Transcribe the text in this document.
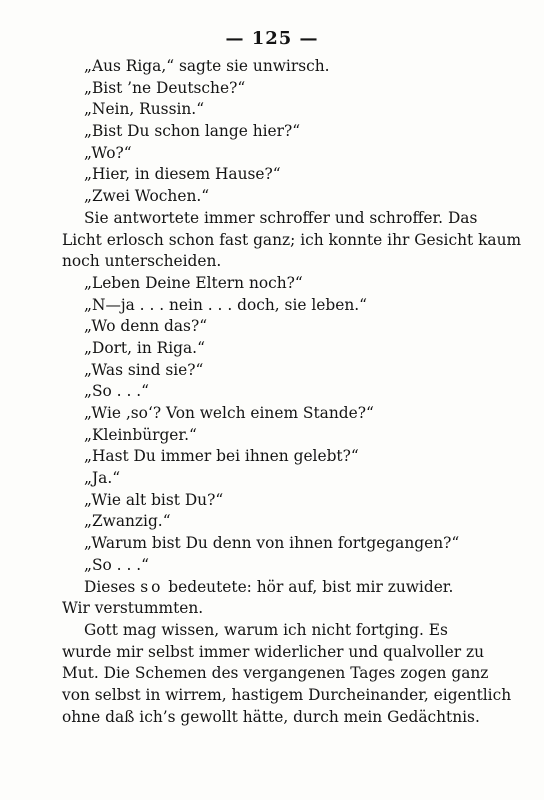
— 125 —
„Aus Riga,“ sagte sie unwirsch.
„Bist ’ne Deutsche?“
„Nein, Russin.“
„Bist Du schon lange hier?“
„Wo?“
„Hier, in diesem Hause?“
„Zwei Wochen.“
Sie antwortete immer schroffer und schroffer. Das
Licht erlosch schon fast ganz; ich konnte ihr Gesicht kaum
noch unterscheiden.
„Leben Deine Eltern noch?“
„N—ja . . . nein . . . doch, sie leben.“
„Wo denn das?“
„Dort, in Riga.“
„Was sind sie?“
„So . . .“
„Wie ‚so‘? Von welch einem Stande?“
„Kleinbürger.“
„Hast Du immer bei ihnen gelebt?“
„Ja.“
„Wie alt bist Du?“
„Zwanzig.“
„Warum bist Du denn von ihnen fortgegangen?“
„So . . .“
Dieses so bedeutete: hör auf, bist mir zuwider.
Wir verstummten.
Gott mag wissen, warum ich nicht fortging. Es
wurde mir selbst immer widerlicher und qualvoller zu
Mut. Die Schemen des vergangenen Tages zogen ganz
von selbst in wirrem, hastigem Durcheinander, eigentlich
ohne daß ich’s gewollt hätte, durch mein Gedächtnis.
